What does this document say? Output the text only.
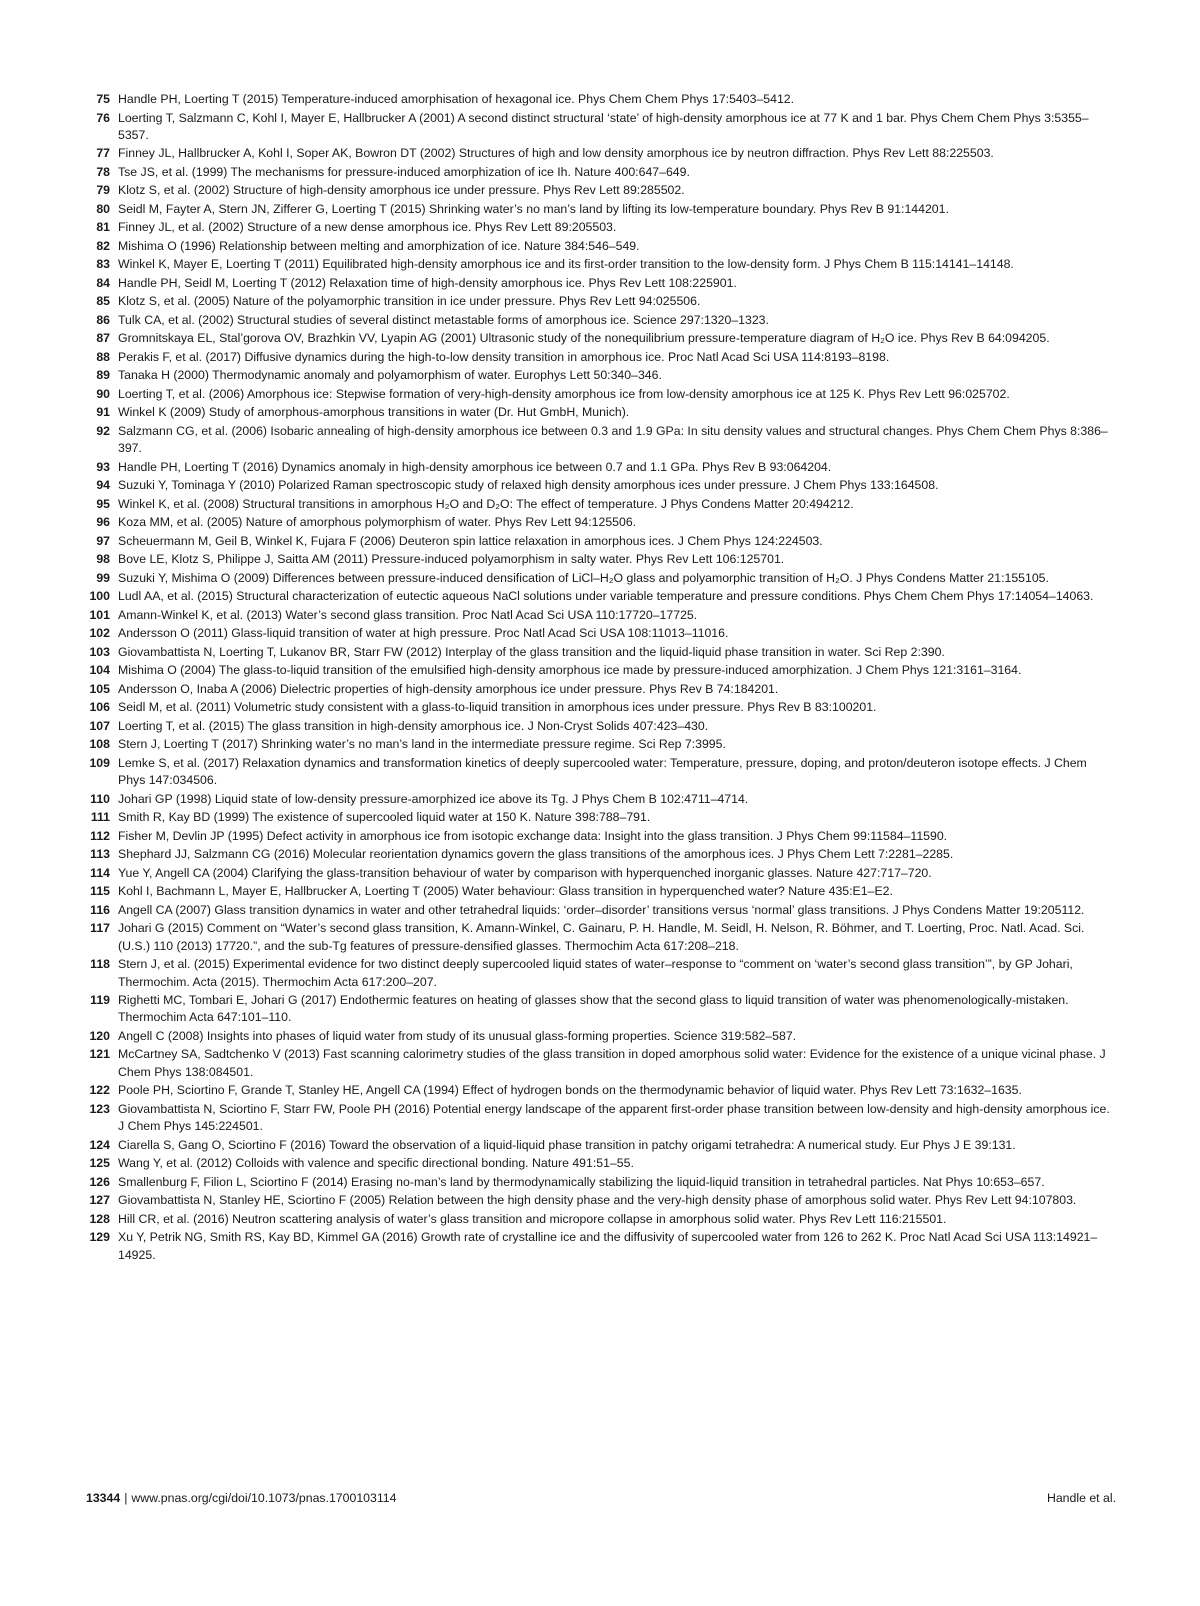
75 Handle PH, Loerting T (2015) Temperature-induced amorphisation of hexagonal ice. Phys Chem Chem Phys 17:5403–5412.
76 Loerting T, Salzmann C, Kohl I, Mayer E, Hallbrucker A (2001) A second distinct structural ‘state’ of high-density amorphous ice at 77 K and 1 bar. Phys Chem Chem Phys 3:5355–5357.
77 Finney JL, Hallbrucker A, Kohl I, Soper AK, Bowron DT (2002) Structures of high and low density amorphous ice by neutron diffraction. Phys Rev Lett 88:225503.
78 Tse JS, et al. (1999) The mechanisms for pressure-induced amorphization of ice Ih. Nature 400:647–649.
79 Klotz S, et al. (2002) Structure of high-density amorphous ice under pressure. Phys Rev Lett 89:285502.
80 Seidl M, Fayter A, Stern JN, Zifferer G, Loerting T (2015) Shrinking water’s no man’s land by lifting its low-temperature boundary. Phys Rev B 91:144201.
81 Finney JL, et al. (2002) Structure of a new dense amorphous ice. Phys Rev Lett 89:205503.
82 Mishima O (1996) Relationship between melting and amorphization of ice. Nature 384:546–549.
83 Winkel K, Mayer E, Loerting T (2011) Equilibrated high-density amorphous ice and its first-order transition to the low-density form. J Phys Chem B 115:14141–14148.
84 Handle PH, Seidl M, Loerting T (2012) Relaxation time of high-density amorphous ice. Phys Rev Lett 108:225901.
85 Klotz S, et al. (2005) Nature of the polyamorphic transition in ice under pressure. Phys Rev Lett 94:025506.
86 Tulk CA, et al. (2002) Structural studies of several distinct metastable forms of amorphous ice. Science 297:1320–1323.
87 Gromnitskaya EL, Stal’gorova OV, Brazhkin VV, Lyapin AG (2001) Ultrasonic study of the nonequilibrium pressure-temperature diagram of H₂O ice. Phys Rev B 64:094205.
88 Perakis F, et al. (2017) Diffusive dynamics during the high-to-low density transition in amorphous ice. Proc Natl Acad Sci USA 114:8193–8198.
89 Tanaka H (2000) Thermodynamic anomaly and polyamorphism of water. Europhys Lett 50:340–346.
90 Loerting T, et al. (2006) Amorphous ice: Stepwise formation of very-high-density amorphous ice from low-density amorphous ice at 125 K. Phys Rev Lett 96:025702.
91 Winkel K (2009) Study of amorphous-amorphous transitions in water (Dr. Hut GmbH, Munich).
92 Salzmann CG, et al. (2006) Isobaric annealing of high-density amorphous ice between 0.3 and 1.9 GPa: In situ density values and structural changes. Phys Chem Chem Phys 8:386–397.
93 Handle PH, Loerting T (2016) Dynamics anomaly in high-density amorphous ice between 0.7 and 1.1 GPa. Phys Rev B 93:064204.
94 Suzuki Y, Tominaga Y (2010) Polarized Raman spectroscopic study of relaxed high density amorphous ices under pressure. J Chem Phys 133:164508.
95 Winkel K, et al. (2008) Structural transitions in amorphous H₂O and D₂O: The effect of temperature. J Phys Condens Matter 20:494212.
96 Koza MM, et al. (2005) Nature of amorphous polymorphism of water. Phys Rev Lett 94:125506.
97 Scheuermann M, Geil B, Winkel K, Fujara F (2006) Deuteron spin lattice relaxation in amorphous ices. J Chem Phys 124:224503.
98 Bove LE, Klotz S, Philippe J, Saitta AM (2011) Pressure-induced polyamorphism in salty water. Phys Rev Lett 106:125701.
99 Suzuki Y, Mishima O (2009) Differences between pressure-induced densification of LiCl–H₂O glass and polyamorphic transition of H₂O. J Phys Condens Matter 21:155105.
100 Ludl AA, et al. (2015) Structural characterization of eutectic aqueous NaCl solutions under variable temperature and pressure conditions. Phys Chem Chem Phys 17:14054–14063.
101 Amann-Winkel K, et al. (2013) Water’s second glass transition. Proc Natl Acad Sci USA 110:17720–17725.
102 Andersson O (2011) Glass-liquid transition of water at high pressure. Proc Natl Acad Sci USA 108:11013–11016.
103 Giovambattista N, Loerting T, Lukanov BR, Starr FW (2012) Interplay of the glass transition and the liquid-liquid phase transition in water. Sci Rep 2:390.
104 Mishima O (2004) The glass-to-liquid transition of the emulsified high-density amorphous ice made by pressure-induced amorphization. J Chem Phys 121:3161–3164.
105 Andersson O, Inaba A (2006) Dielectric properties of high-density amorphous ice under pressure. Phys Rev B 74:184201.
106 Seidl M, et al. (2011) Volumetric study consistent with a glass-to-liquid transition in amorphous ices under pressure. Phys Rev B 83:100201.
107 Loerting T, et al. (2015) The glass transition in high-density amorphous ice. J Non-Cryst Solids 407:423–430.
108 Stern J, Loerting T (2017) Shrinking water’s no man’s land in the intermediate pressure regime. Sci Rep 7:3995.
109 Lemke S, et al. (2017) Relaxation dynamics and transformation kinetics of deeply supercooled water: Temperature, pressure, doping, and proton/deuteron isotope effects. J Chem Phys 147:034506.
110 Johari GP (1998) Liquid state of low-density pressure-amorphized ice above its Tg. J Phys Chem B 102:4711–4714.
111 Smith R, Kay BD (1999) The existence of supercooled liquid water at 150 K. Nature 398:788–791.
112 Fisher M, Devlin JP (1995) Defect activity in amorphous ice from isotopic exchange data: Insight into the glass transition. J Phys Chem 99:11584–11590.
113 Shephard JJ, Salzmann CG (2016) Molecular reorientation dynamics govern the glass transitions of the amorphous ices. J Phys Chem Lett 7:2281–2285.
114 Yue Y, Angell CA (2004) Clarifying the glass-transition behaviour of water by comparison with hyperquenched inorganic glasses. Nature 427:717–720.
115 Kohl I, Bachmann L, Mayer E, Hallbrucker A, Loerting T (2005) Water behaviour: Glass transition in hyperquenched water? Nature 435:E1–E2.
116 Angell CA (2007) Glass transition dynamics in water and other tetrahedral liquids: ‘order–disorder’ transitions versus ‘normal’ glass transitions. J Phys Condens Matter 19:205112.
117 Johari G (2015) Comment on “Water’s second glass transition, K. Amann-Winkel, C. Gainaru, P. H. Handle, M. Seidl, H. Nelson, R. Böhmer, and T. Loerting, Proc. Natl. Acad. Sci. (U.S.) 110 (2013) 17720.”, and the sub-Tg features of pressure-densified glasses. Thermochim Acta 617:208–218.
118 Stern J, et al. (2015) Experimental evidence for two distinct deeply supercooled liquid states of water–response to “comment on ‘water’s second glass transition’”, by GP Johari, Thermochim. Acta (2015). Thermochim Acta 617:200–207.
119 Righetti MC, Tombari E, Johari G (2017) Endothermic features on heating of glasses show that the second glass to liquid transition of water was phenomenologically-mistaken. Thermochim Acta 647:101–110.
120 Angell C (2008) Insights into phases of liquid water from study of its unusual glass-forming properties. Science 319:582–587.
121 McCartney SA, Sadtchenko V (2013) Fast scanning calorimetry studies of the glass transition in doped amorphous solid water: Evidence for the existence of a unique vicinal phase. J Chem Phys 138:084501.
122 Poole PH, Sciortino F, Grande T, Stanley HE, Angell CA (1994) Effect of hydrogen bonds on the thermodynamic behavior of liquid water. Phys Rev Lett 73:1632–1635.
123 Giovambattista N, Sciortino F, Starr FW, Poole PH (2016) Potential energy landscape of the apparent first-order phase transition between low-density and high-density amorphous ice. J Chem Phys 145:224501.
124 Ciarella S, Gang O, Sciortino F (2016) Toward the observation of a liquid-liquid phase transition in patchy origami tetrahedra: A numerical study. Eur Phys J E 39:131.
125 Wang Y, et al. (2012) Colloids with valence and specific directional bonding. Nature 491:51–55.
126 Smallenburg F, Filion L, Sciortino F (2014) Erasing no-man’s land by thermodynamically stabilizing the liquid-liquid transition in tetrahedral particles. Nat Phys 10:653–657.
127 Giovambattista N, Stanley HE, Sciortino F (2005) Relation between the high density phase and the very-high density phase of amorphous solid water. Phys Rev Lett 94:107803.
128 Hill CR, et al. (2016) Neutron scattering analysis of water’s glass transition and micropore collapse in amorphous solid water. Phys Rev Lett 116:215501.
129 Xu Y, Petrik NG, Smith RS, Kay BD, Kimmel GA (2016) Growth rate of crystalline ice and the diffusivity of supercooled water from 126 to 262 K. Proc Natl Acad Sci USA 113:14921–14925.
13344 | www.pnas.org/cgi/doi/10.1073/pnas.1700103114	Handle et al.
